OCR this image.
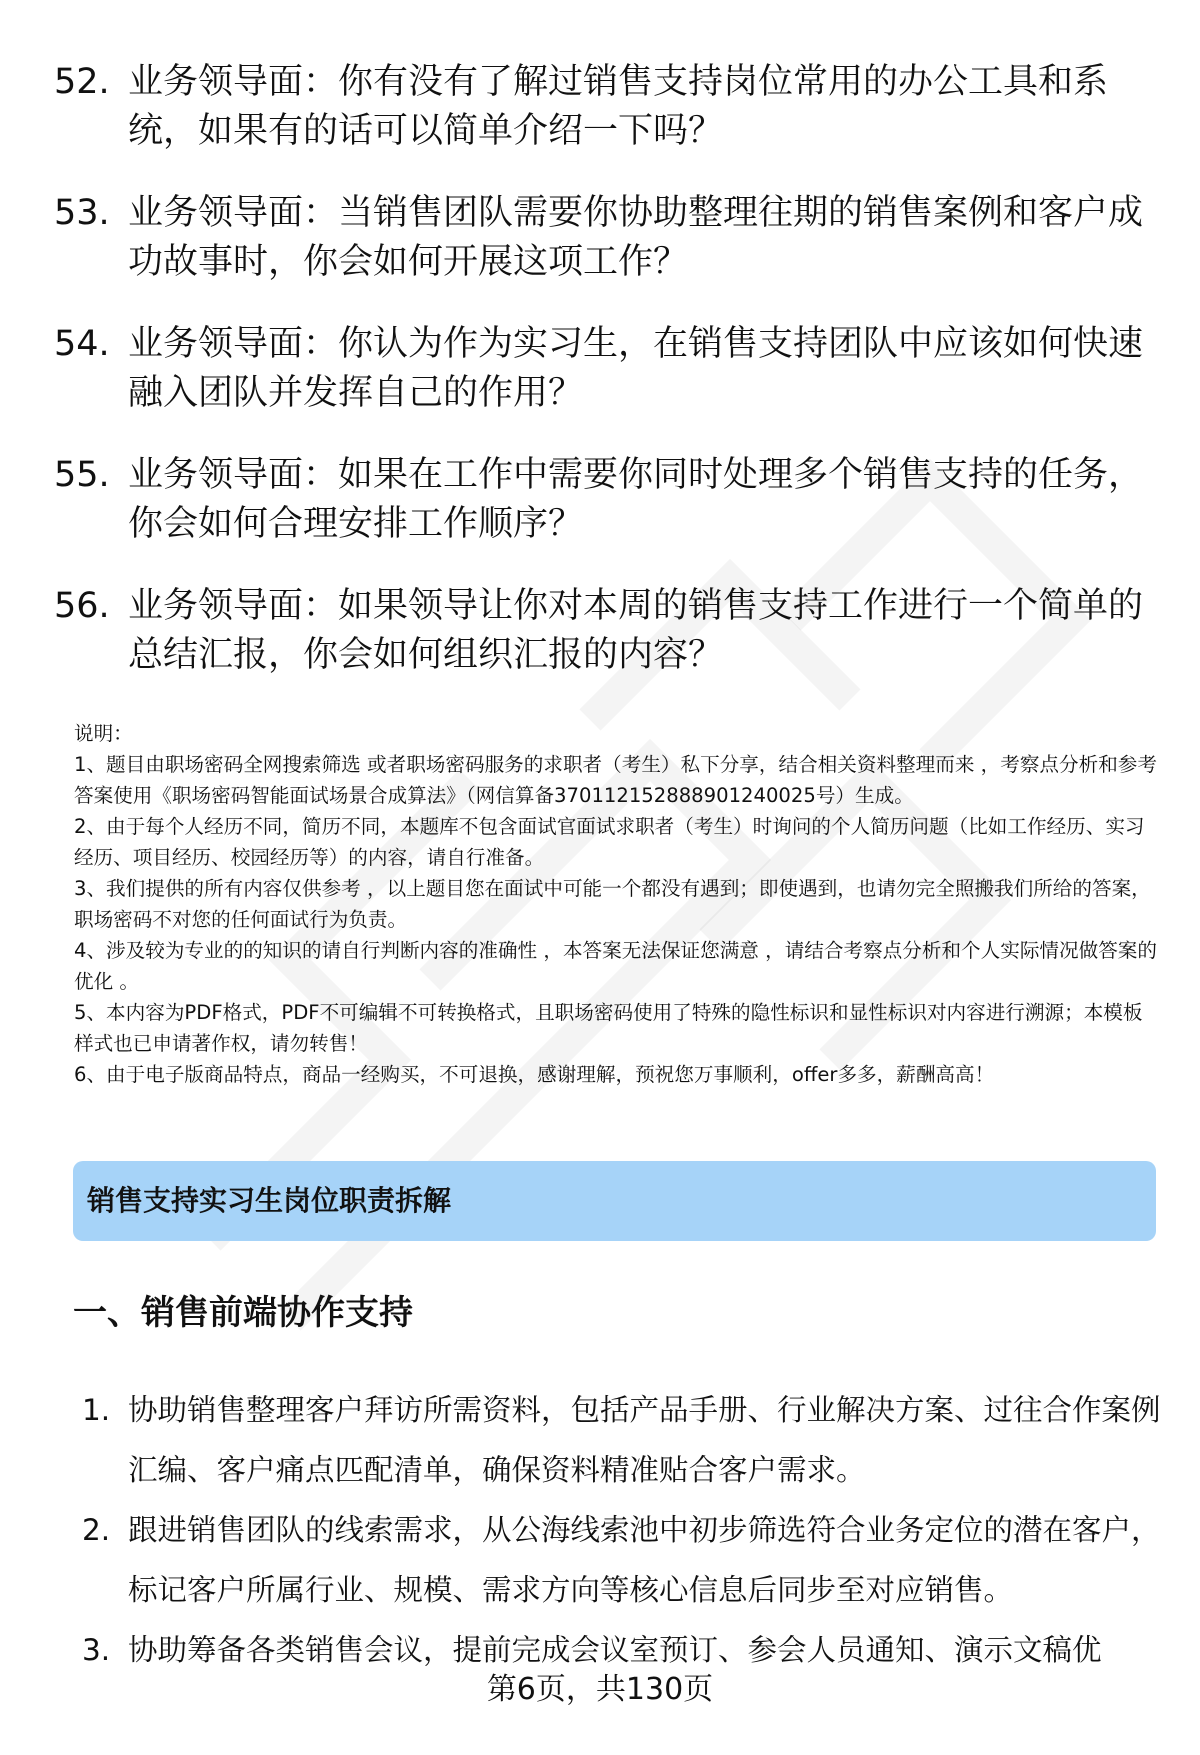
52. 业务领导面：你有没有了解过销售支持岗位常用的办公工具和系统，如果有的话可以简单介绍一下吗？
53. 业务领导面：当销售团队需要你协助整理往期的销售案例和客户成功故事时，你会如何开展这项工作？
54. 业务领导面：你认为作为实习生，在销售支持团队中应该如何快速融入团队并发挥自己的作用？
55. 业务领导面：如果在工作中需要你同时处理多个销售支持的任务，你会如何合理安排工作顺序？
56. 业务领导面：如果领导让你对本周的销售支持工作进行一个简单的总结汇报，你会如何组织汇报的内容？

说明：

1、题目由职场密码全网搜索筛选 或者职场密码服务的求职者（考生）私下分享，结合相关资料整理而来 ，考察点分析和参考答案使用《职场密码智能面试场景合成算法》（网信算备370112152888901240025号）生成。

2、由于每个人经历不同，简历不同，本题库不包含面试官面试求职者（考生）时询问的个人简历问题（比如工作经历、实习经历、项目经历、校园经历等）的内容，请自行准备。

3、我们提供的所有内容仅供参考 ，以上题目您在面试中可能一个都没有遇到；即使遇到，也请勿完全照搬我们所给的答案，职场密码不对您的任何面试行为负责。

4、涉及较为专业的的知识的请自行判断内容的准确性 ，本答案无法保证您满意 ，请结合考察点分析和个人实际情况做答案的优化 。

5、本内容为PDF格式，PDF不可编辑不可转换格式，且职场密码使用了特殊的隐性标识和显性标识对内容进行溯源；本模板样式也已申请著作权，请勿转售！

6、由于电子版商品特点，商品一经购买，不可退换，感谢理解，预祝您万事顺利，offer多多，薪酬高高！

销售支持实习生岗位职责拆解
一、销售前端协作支持
1. 协助销售整理客户拜访所需资料，包括产品手册、行业解决方案、过往合作案例汇编、客户痛点匹配清单，确保资料精准贴合客户需求。
2. 跟进销售团队的线索需求，从公海线索池中初步筛选符合业务定位的潜在客户，标记客户所属行业、规模、需求方向等核心信息后同步至对应销售。
3. 协助筹备各类销售会议，提前完成会议室预订、参会人员通知、演示文稿优
第6页，共130页
